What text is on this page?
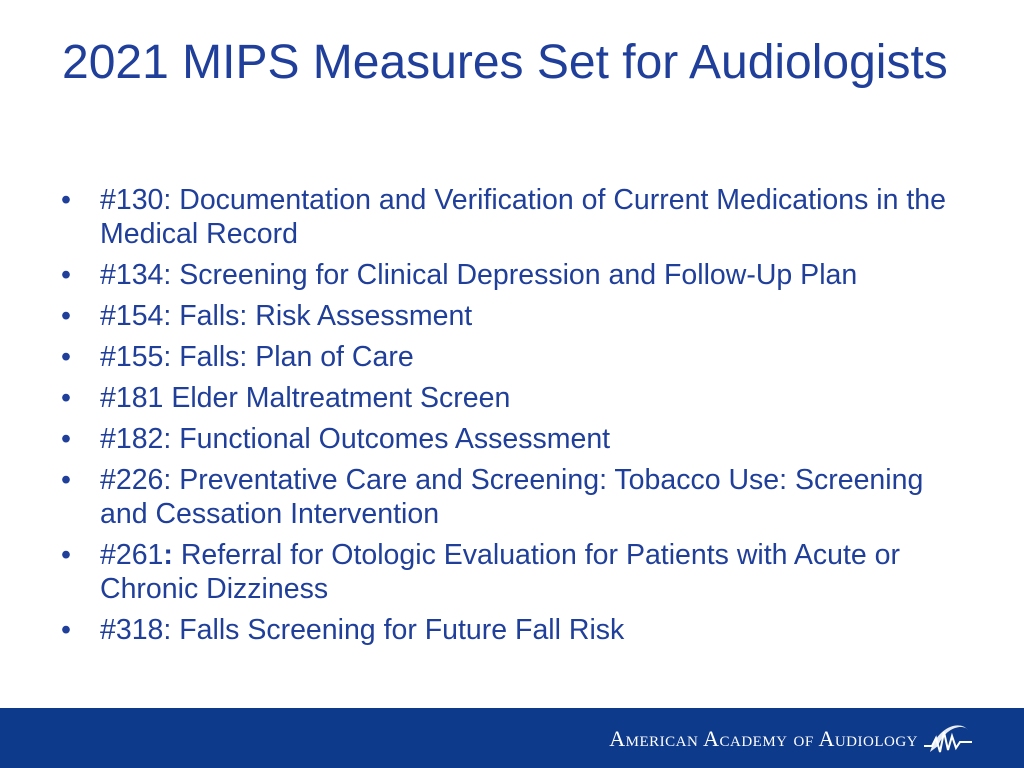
2021 MIPS Measures Set for Audiologists
• #130: Documentation and Verification of Current Medications in the Medical Record
• #134: Screening for Clinical Depression and Follow-Up Plan
• #154: Falls: Risk Assessment
• #155: Falls: Plan of Care
• #181 Elder Maltreatment Screen
• #182: Functional Outcomes Assessment
• #226: Preventative Care and Screening: Tobacco Use: Screening and Cessation Intervention
• #261: Referral for Otologic Evaluation for Patients with Acute or Chronic Dizziness
• #318: Falls Screening for Future Fall Risk
American Academy of Audiology
